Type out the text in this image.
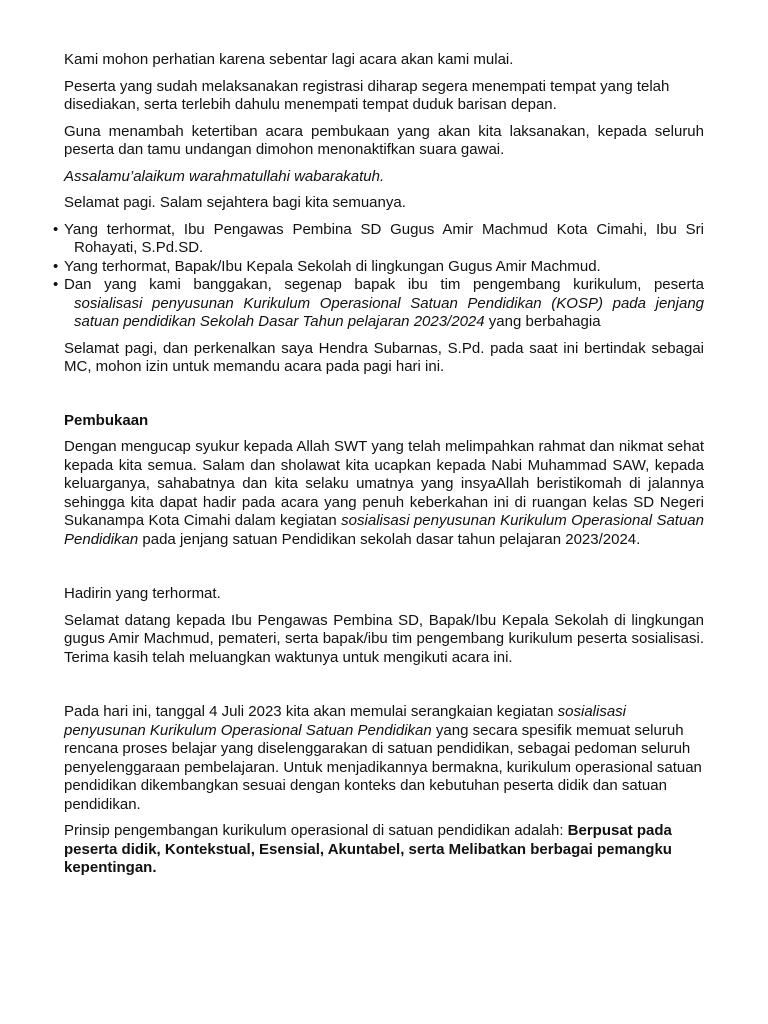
Kami mohon perhatian karena sebentar lagi acara akan kami mulai.

Peserta yang sudah melaksanakan registrasi diharap segera menempati tempat yang telah disediakan, serta terlebih dahulu menempati tempat duduk barisan depan.

Guna menambah ketertiban acara pembukaan yang akan kita laksanakan, kepada seluruh peserta dan tamu undangan dimohon menonaktifkan suara gawai.

Assalamu’alaikum warahmatullahi wabarakatuh.

Selamat pagi. Salam sejahtera bagi kita semuanya.

• Yang terhormat, Ibu Pengawas Pembina SD Gugus Amir Machmud Kota Cimahi, Ibu Sri
Rohayati, S.Pd.SD.
• Yang terhormat, Bapak/Ibu Kepala Sekolah di lingkungan Gugus Amir Machmud.
• Dan yang kami banggakan, segenap bapak ibu tim pengembang kurikulum, peserta
sosialisasi penyusunan Kurikulum Operasional Satuan Pendidikan (KOSP) pada jenjang satuan pendidikan Sekolah Dasar Tahun pelajaran 2023/2024 yang berbahagia

Selamat pagi, dan perkenalkan saya Hendra Subarnas, S.Pd. pada saat ini bertindak sebagai MC, mohon izin untuk memandu acara pada pagi hari ini.

Pembukaan

Dengan mengucap syukur kepada Allah SWT yang telah melimpahkan rahmat dan nikmat sehat kepada kita semua. Salam dan sholawat kita ucapkan kepada Nabi Muhammad SAW, kepada keluarganya, sahabatnya dan kita selaku umatnya yang insyaAllah beristikomah di jalannya sehingga kita dapat hadir pada acara yang penuh keberkahan ini di ruangan kelas SD Negeri Sukanampa Kota Cimahi dalam kegiatan sosialisasi penyusunan Kurikulum Operasional Satuan Pendidikan pada jenjang satuan Pendidikan sekolah dasar tahun pelajaran 2023/2024.

Hadirin yang terhormat.

Selamat datang kepada Ibu Pengawas Pembina SD, Bapak/Ibu Kepala Sekolah di lingkungan gugus Amir Machmud, pemateri, serta bapak/ibu tim pengembang kurikulum peserta sosialisasi. Terima kasih telah meluangkan waktunya untuk mengikuti acara ini.

Pada hari ini, tanggal 4 Juli 2023 kita akan memulai serangkaian kegiatan sosialisasi penyusunan Kurikulum Operasional Satuan Pendidikan yang secara spesifik memuat seluruh rencana proses belajar yang diselenggarakan di satuan pendidikan, sebagai pedoman seluruh penyelenggaraan pembelajaran. Untuk menjadikannya bermakna, kurikulum operasional satuan pendidikan dikembangkan sesuai dengan konteks dan kebutuhan peserta didik dan satuan pendidikan.

Prinsip pengembangan kurikulum operasional di satuan pendidikan adalah: Berpusat pada peserta didik, Kontekstual, Esensial, Akuntabel, serta Melibatkan berbagai pemangku kepentingan.
